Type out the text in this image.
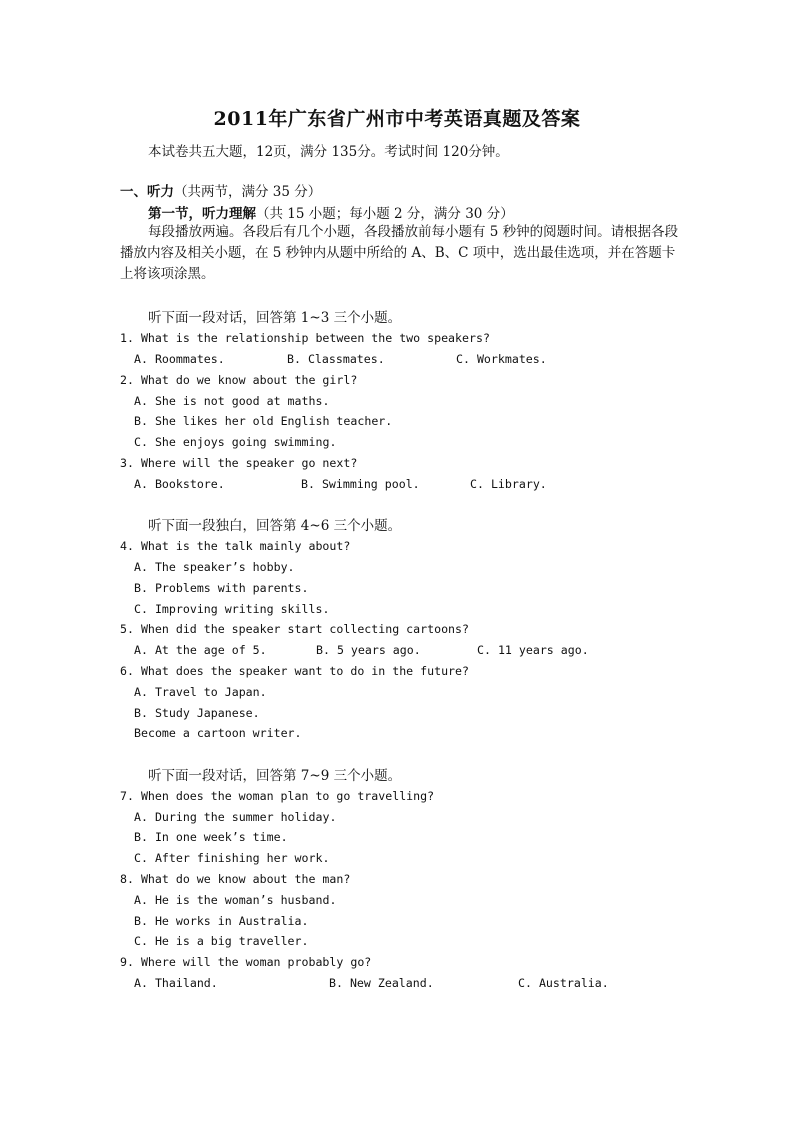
2011年广东省广州市中考英语真题及答案
本试卷共五大题，12页，满分 135分。考试时间 120分钟。
一、听力（共两节，满分 35 分）
第一节，听力理解（共 15 小题；每小题 2 分，满分 30 分）
每段播放两遍。各段后有几个小题，各段播放前每小题有 5 秒钟的阅题时间。请根据各段播放内容及相关小题，在 5 秒钟内从题中所给的 A、B、C 项中，选出最佳选项，并在答题卡上将该项涂黑。
听下面一段对话，回答第 1~3 三个小题。
1. What is the relationship between the two speakers?
A. Roommates.	B. Classmates.	C. Workmates.
2. What do we know about the girl?
A. She is not good at maths.
B. She likes her old English teacher.
C. She enjoys going swimming.
3. Where will the speaker go next?
A. Bookstore.	B. Swimming pool.	C. Library.
听下面一段独白，回答第 4~6 三个小题。
4. What is the talk mainly about?
A. The speaker’s hobby.
B. Problems with parents.
C. Improving writing skills.
5. When did the speaker start collecting cartoons?
A. At the age of 5.	B. 5 years ago.	C. 11 years ago.
6. What does the speaker want to do in the future?
A. Travel to Japan.
B. Study Japanese.
Become a cartoon writer.
听下面一段对话，回答第 7~9 三个小题。
7. When does the woman plan to go travelling?
A. During the summer holiday.
B. In one week’s time.
C. After finishing her work.
8. What do we know about the man?
A. He is the woman’s husband.
B. He works in Australia.
C. He is a big traveller.
9. Where will the woman probably go?
A. Thailand.	B. New Zealand.	C. Australia.
